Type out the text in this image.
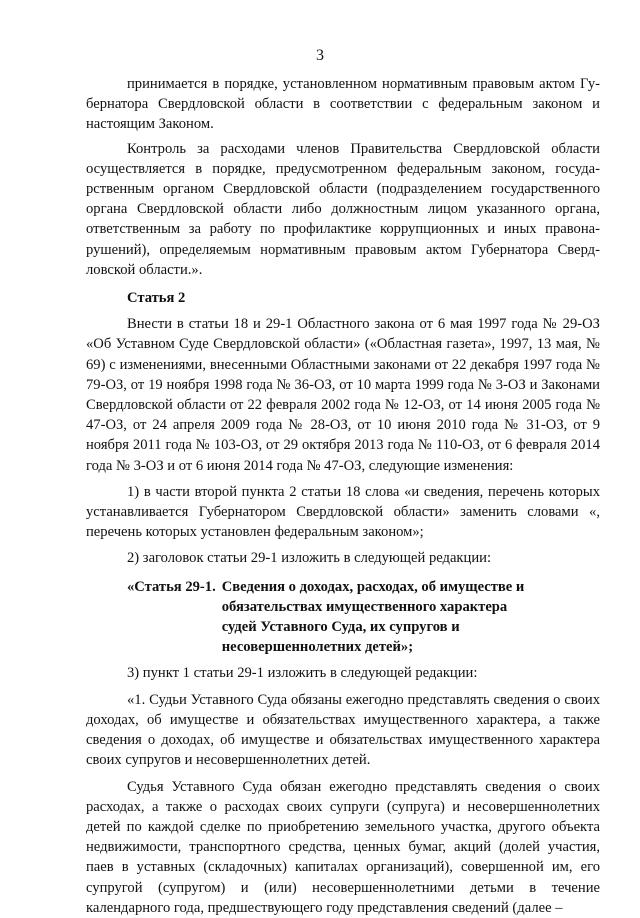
3

принимается в порядке, установленном нормативным правовым актом Губернатора Свердловской области в соответствии с федеральным законом и настоящим Законом.

Контроль за расходами членов Правительства Свердловской области осуществляется в порядке, предусмотренном федеральным законом, государственным органом Свердловской области (подразделением государственного органа Свердловской области либо должностным лицом указанного органа, ответственным за работу по профилактике коррупционных и иных правонарушений), определяемым нормативным правовым актом Губернатора Свердловской области.».

Статья 2

Внести в статьи 18 и 29-1 Областного закона от 6 мая 1997 года № 29-ОЗ «Об Уставном Суде Свердловской области» («Областная газета», 1997, 13 мая, № 69) с изменениями, внесенными Областными законами от 22 декабря 1997 года № 79-ОЗ, от 19 ноября 1998 года № 36-ОЗ, от 10 марта 1999 года № 3-ОЗ и Законами Свердловской области от 22 февраля 2002 года № 12-ОЗ, от 14 июня 2005 года № 47-ОЗ, от 24 апреля 2009 года № 28-ОЗ, от 10 июня 2010 года № 31-ОЗ, от 9 ноября 2011 года № 103-ОЗ, от 29 октября 2013 года № 110-ОЗ, от 6 февраля 2014 года № 3-ОЗ и от 6 июня 2014 года № 47-ОЗ, следующие изменения:

1) в части второй пункта 2 статьи 18 слова «и сведения, перечень которых устанавливается Губернатором Свердловской области» заменить словами «, перечень которых установлен федеральным законом»;

2) заголовок статьи 29-1 изложить в следующей редакции:

«Статья 29-1. Сведения о доходах, расходах, об имуществе и
обязательствах имущественного характера
судей Уставного Суда, их супругов и
несовершеннолетних детей»;

3) пункт 1 статьи 29-1 изложить в следующей редакции:

«1. Судьи Уставного Суда обязаны ежегодно представлять сведения о своих доходах, об имуществе и обязательствах имущественного характера, а также сведения о доходах, об имуществе и обязательствах имущественного характера своих супругов и несовершеннолетних детей.

Судья Уставного Суда обязан ежегодно представлять сведения о своих расходах, а также о расходах своих супруги (супруга) и несовершеннолетних детей по каждой сделке по приобретению земельного участка, другого объекта недвижимости, транспортного средства, ценных бумаг, акций (долей участия, паев в уставных (складочных) капиталах организаций), совершенной им, его супругой (супругом) и (или) несовершеннолетними детьми в течение календарного года, предшествующего году представления сведений (далее –
